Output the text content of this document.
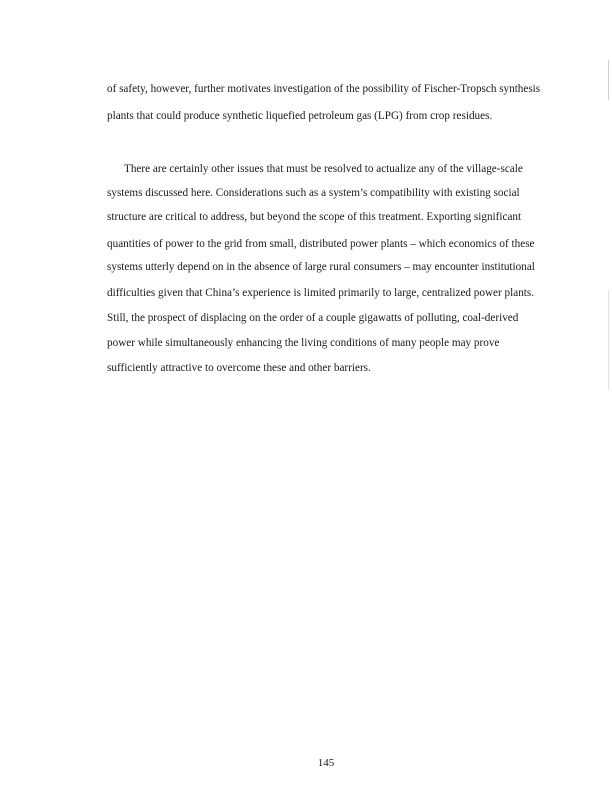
of safety, however, further motivates investigation of the possibility of Fischer-Tropsch synthesis

plants that could produce synthetic liquefied petroleum gas (LPG) from crop residues.

There are certainly other issues that must be resolved to actualize any of the village-scale

systems discussed here. Considerations such as a system’s compatibility with existing social

structure are critical to address, but beyond the scope of this treatment. Exporting significant

quantities of power to the grid from small, distributed power plants – which economics of these

systems utterly depend on in the absence of large rural consumers – may encounter institutional

difficulties given that China’s experience is limited primarily to large, centralized power plants.

Still, the prospect of displacing on the order of a couple gigawatts of polluting, coal-derived

power while simultaneously enhancing the living conditions of many people may prove

sufficiently attractive to overcome these and other barriers.

145
